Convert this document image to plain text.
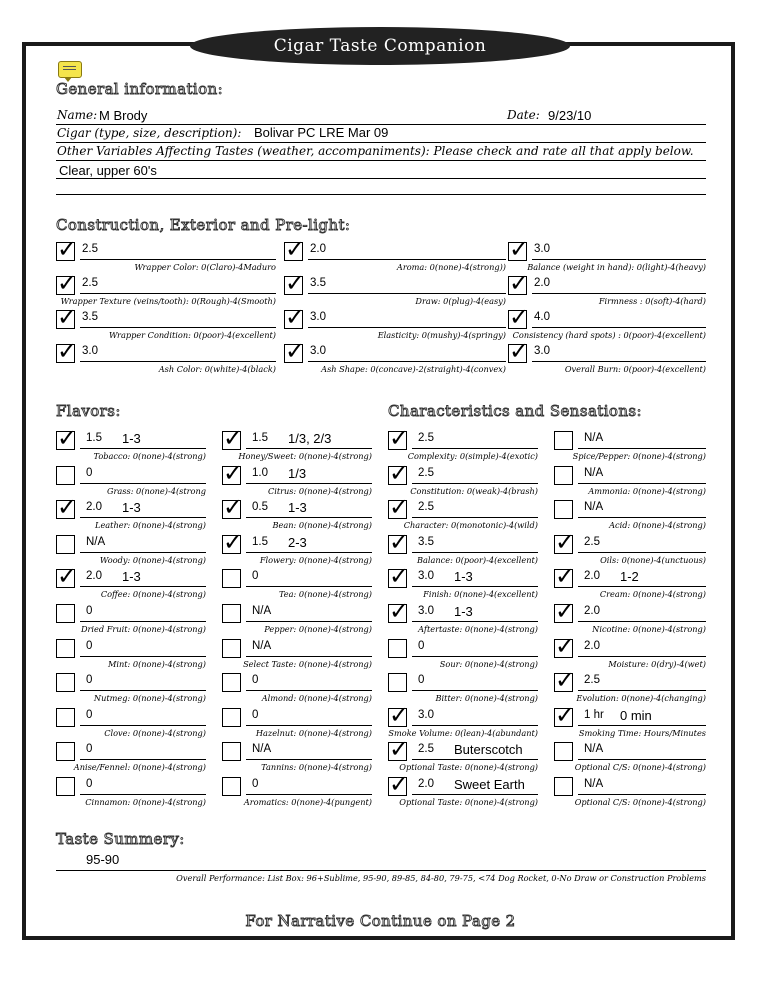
Cigar Taste Companion
General information:
Name: M Brody	Date: 9/23/10
Cigar (type, size, description): Bolivar PC LRE Mar 09
Other Variables Affecting Tastes (weather, accompaniments): Please check and rate all that apply below.
Clear, upper 60's
Construction, Exterior and Pre-light:
✓
2.5
Wrapper Color: 0(Claro)-4Maduro
✓
2.0
Aroma: 0(none)-4(strong))
✓
3.0
Balance (weight in hand): 0(light)-4(heavy)
✓
2.5
Wrapper Texture (veins/tooth): 0(Rough)-4(Smooth)
✓
3.5
Draw: 0(plug)-4(easy)
✓
2.0
Firmness : 0(soft)-4(hard)
✓
3.5
Wrapper Condition: 0(poor)-4(excellent)
✓
3.0
Elasticity: 0(mushy)-4(springy)
✓
4.0
Consistency (hard spots) : 0(poor)-4(excellent)
✓
3.0
Ash Color: 0(white)-4(black)
✓
3.0
Ash Shape: 0(concave)-2(straight)-4(convex)
✓
3.0
Overall Burn: 0(poor)-4(excellent)
Flavors:	Characteristics and Sensations:
✓
1.5 1-3
Tobacco: 0(none)-4(strong)
0
Grass: 0(none)-4(strong
✓
2.0 1-3
Leather: 0(none)-4(strong)
N/A
Woody: 0(none)-4(strong)
✓
2.0 1-3
Coffee: 0(none)-4(strong)
0
Dried Fruit: 0(none)-4(strong)
0
Mint: 0(none)-4(strong)
0
Nutmeg: 0(none)-4(strong)
0
Clove: 0(none)-4(strong)
0
Anise/Fennel: 0(none)-4(strong)
0
Cinnamon: 0(none)-4(strong)
✓
1.5 1/3, 2/3
Honey/Sweet: 0(none)-4(strong)
✓
1.0 1/3
Citrus: 0(none)-4(strong)
✓
0.5 1-3
Bean: 0(none)-4(strong)
✓
1.5 2-3
Flowery: 0(none)-4(strong)
0
Tea: 0(none)-4(strong)
N/A
Pepper: 0(none)-4(strong)
N/A
Select Taste: 0(none)-4(strong)
0
Almond: 0(none)-4(strong)
0
Hazelnut: 0(none)-4(strong)
N/A
Tannins: 0(none)-4(strong)
0
Aromatics: 0(none)-4(pungent)
✓
2.5
Complexity: 0(simple)-4(exotic)
✓
2.5
Constitution: 0(weak)-4(brash)
✓
2.5
Character: 0(monotonic)-4(wild)
✓
3.5
Balance: 0(poor)-4(excellent)
✓
3.0 1-3
Finish: 0(none)-4(excellent)
✓
3.0 1-3
Aftertaste: 0(none)-4(strong)
0
Sour: 0(none)-4(strong)
0
Bitter: 0(none)-4(strong)
✓
3.0
Smoke Volume: 0(lean)-4(abundant)
✓
2.5 Buterscotch
Optional Taste: 0(none)-4(strong)
✓
2.0 Sweet Earth
Optional Taste: 0(none)-4(strong)
N/A
Spice/Pepper: 0(none)-4(strong)
N/A
Ammonia: 0(none)-4(strong)
N/A
Acid: 0(none)-4(strong)
✓
2.5
Oils: 0(none)-4(unctuous)
✓
2.0 1-2
Cream: 0(none)-4(strong)
✓
2.0
Nicotine: 0(none)-4(strong)
✓
2.0
Moisture: 0(dry)-4(wet)
✓
2.5
Evolution: 0(none)-4(changing)
✓
1 hr 0 min
Smoking Time: Hours/Minutes
N/A
Optional C/S: 0(none)-4(strong)
N/A
Optional C/S: 0(none)-4(strong)
Taste Summery:
95-90
Overall Performance: List Box: 96+Sublime, 95-90, 89-85, 84-80, 79-75, <74 Dog Rocket, 0-No Draw or Construction Problems
For Narrative Continue on Page 2
